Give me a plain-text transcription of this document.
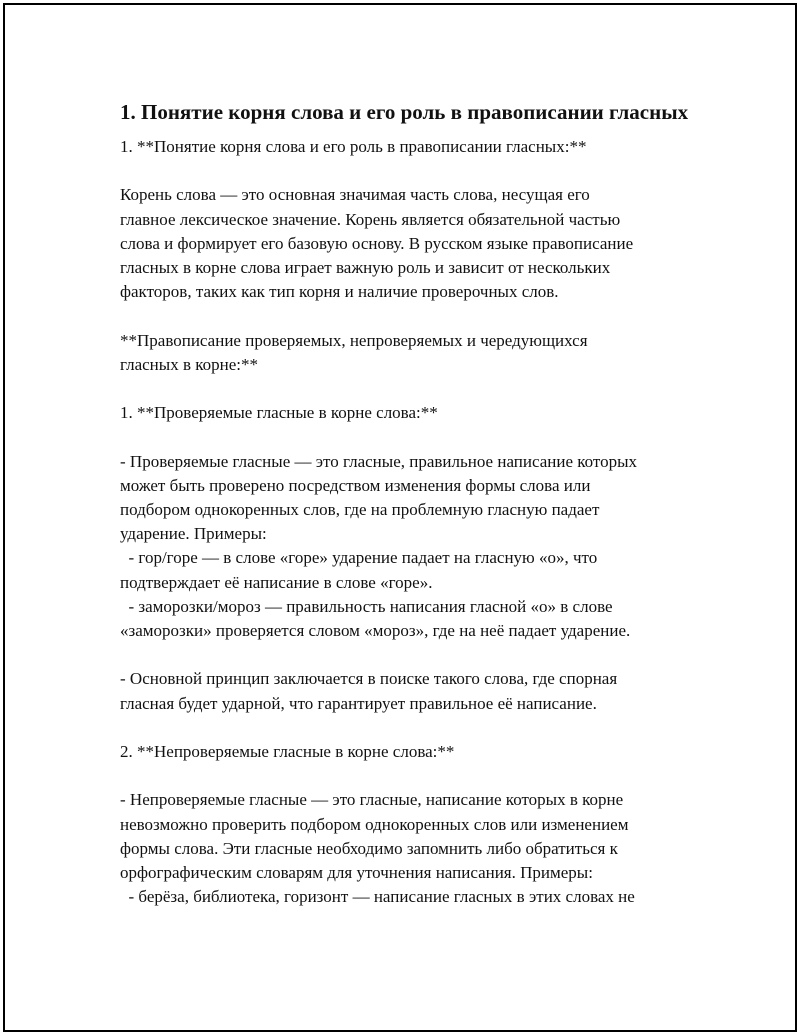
1. Понятие корня слова и его роль в правописании гласных
1. **Понятие корня слова и его роль в правописании гласных:**
Корень слова — это основная значимая часть слова, несущая его
главное лексическое значение. Корень является обязательной частью
слова и формирует его базовую основу. В русском языке правописание
гласных в корне слова играет важную роль и зависит от нескольких
факторов, таких как тип корня и наличие проверочных слов.
**Правописание проверяемых, непроверяемых и чередующихся
гласных в корне:**
1. **Проверяемые гласные в корне слова:**
- Проверяемые гласные — это гласные, правильное написание которых
может быть проверено посредством изменения формы слова или
подбором однокоренных слов, где на проблемную гласную падает
ударение. Примеры:
- гор/горе — в слове «горе» ударение падает на гласную «о», что
подтверждает её написание в слове «горе».
- заморозки/мороз — правильность написания гласной «о» в слове
«заморозки» проверяется словом «мороз», где на неё падает ударение.
- Основной принцип заключается в поиске такого слова, где спорная
гласная будет ударной, что гарантирует правильное её написание.
2. **Непроверяемые гласные в корне слова:**
- Непроверяемые гласные — это гласные, написание которых в корне
невозможно проверить подбором однокоренных слов или изменением
формы слова. Эти гласные необходимо запомнить либо обратиться к
орфографическим словарям для уточнения написания. Примеры:
- берёза, библиотека, горизонт — написание гласных в этих словах не
